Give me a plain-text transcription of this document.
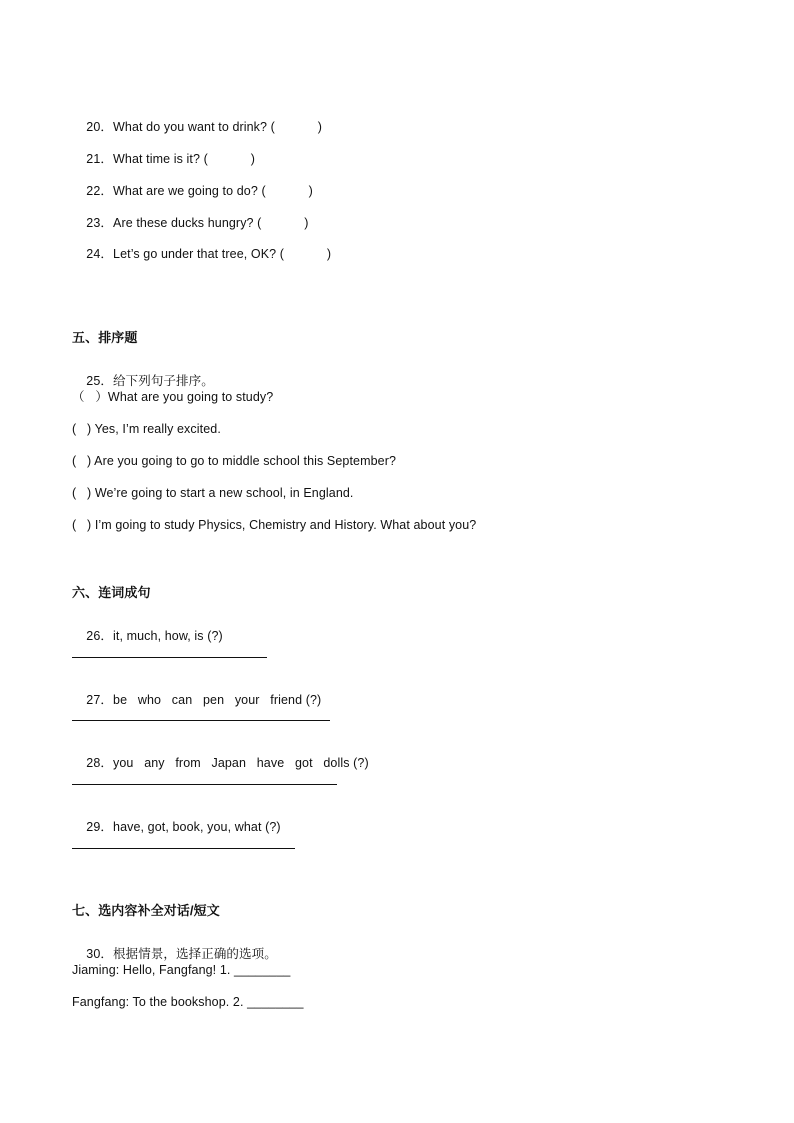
20．What do you want to drink? (            )

21．What time is it? (            )

22．What are we going to do? (            )

23．Are these ducks hungry? (            )

24．Let’s go under that tree, OK? (            )

五、排序题

25．给下列句子排序。

（   ）What are you going to study?
(   ) Yes, I’m really excited.
(   ) Are you going to go to middle school this September?
(   ) We’re going to start a new school, in England.
(   ) I’m going to study Physics, Chemistry and History. What about you?
六、连词成句

26．it, much, how, is (?)

27．be   who   can   pen   your   friend (?)

28．you   any   from   Japan   have   got   dolls (?)

29．have, got, book, you, what (?)

七、选内容补全对话/短文

30．根据情景，选择正确的选项。

Jiaming: Hello, Fangfang! 1. ________
Fangfang: To the bookshop. 2. ________
